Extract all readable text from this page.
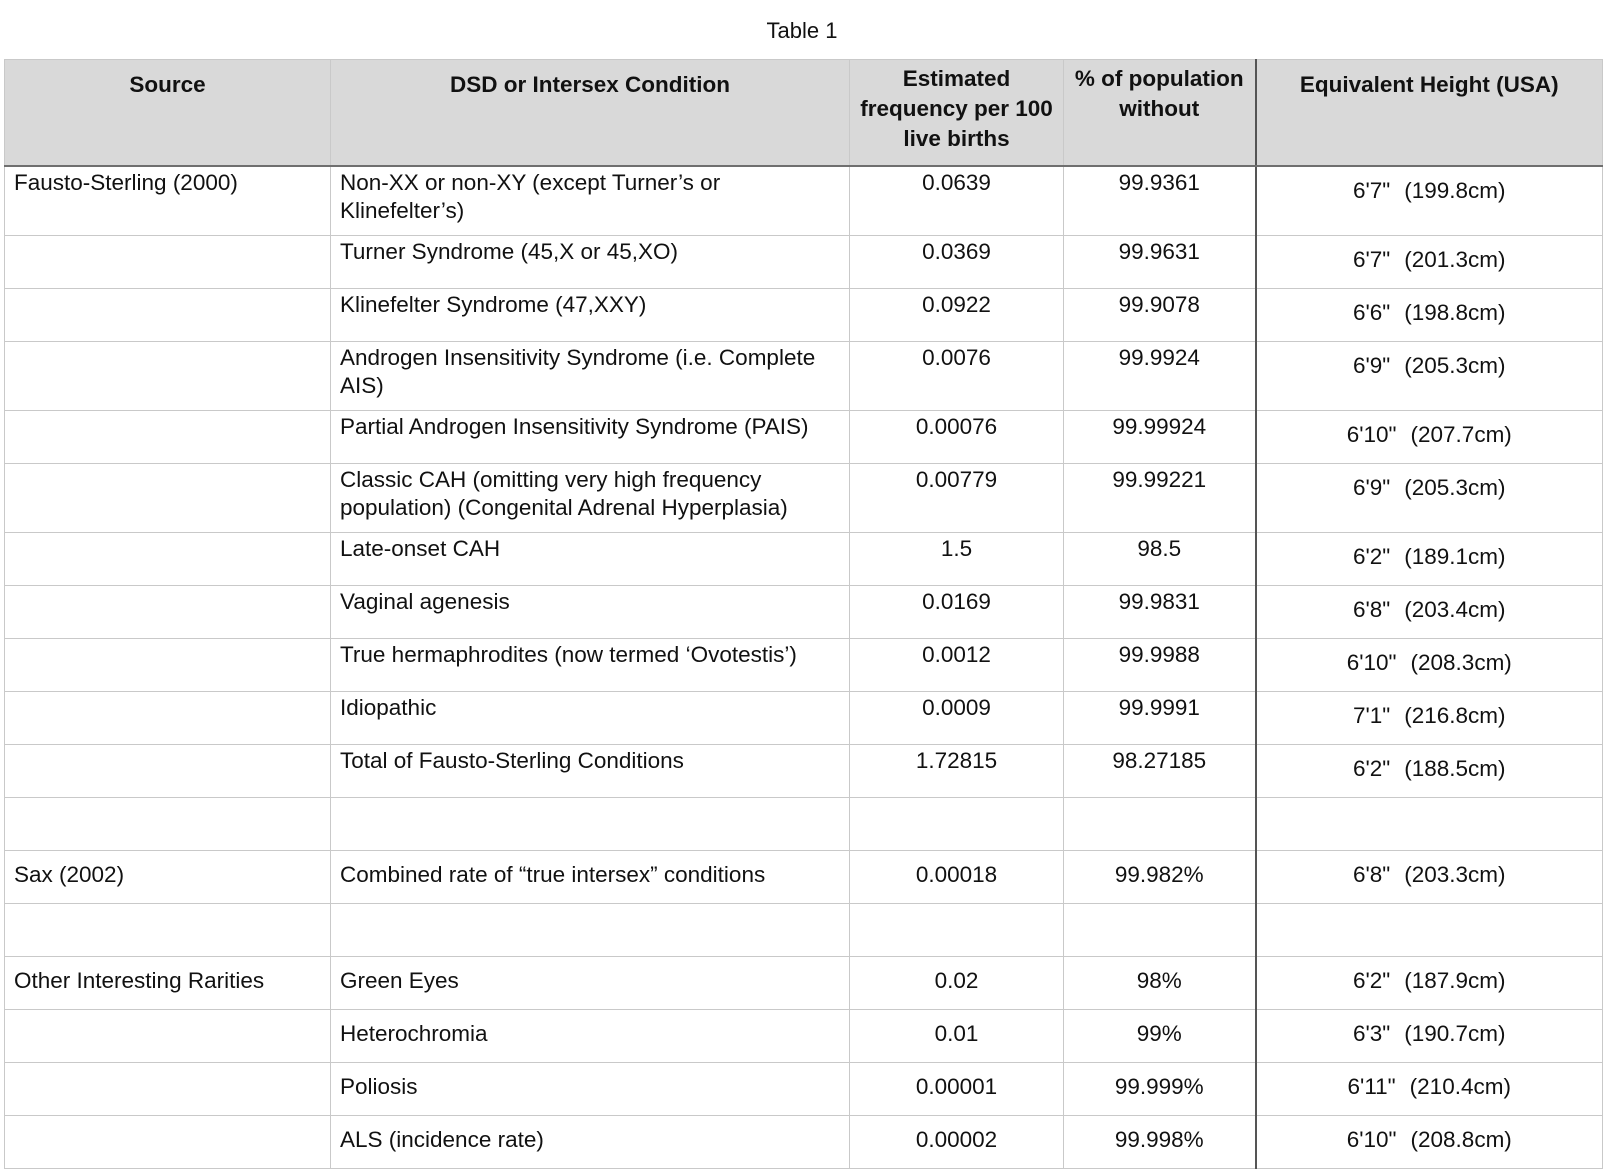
Table 1
Source	DSD or Intersex Condition	Estimated frequency per 100 live births	% of population without	Equivalent Height (USA)
Fausto-Sterling (2000)	Non-XX or non-XY (except Turner’s or Klinefelter’s)	0.0639	99.9361	6'7" (199.8cm)
	Turner Syndrome (45,X or 45,XO)	0.0369	99.9631	6'7" (201.3cm)
	Klinefelter Syndrome (47,XXY)	0.0922	99.9078	6'6" (198.8cm)
	Androgen Insensitivity Syndrome (i.e. Complete AIS)	0.0076	99.9924	6'9" (205.3cm)
	Partial Androgen Insensitivity Syndrome (PAIS)	0.00076	99.99924	6'10" (207.7cm)
	Classic CAH (omitting very high frequency population) (Congenital Adrenal Hyperplasia)	0.00779	99.99221	6'9" (205.3cm)
	Late-onset CAH	1.5	98.5	6'2" (189.1cm)
	Vaginal agenesis	0.0169	99.9831	6'8" (203.4cm)
	True hermaphrodites (now termed ‘Ovotestis’)	0.0012	99.9988	6'10" (208.3cm)
	Idiopathic	0.0009	99.9991	7'1" (216.8cm)
	Total of Fausto-Sterling Conditions	1.72815	98.27185	6'2" (188.5cm)

Sax (2002)	Combined rate of “true intersex” conditions	0.00018	99.982%	6'8" (203.3cm)

Other Interesting Rarities	Green Eyes	0.02	98%	6'2" (187.9cm)
	Heterochromia	0.01	99%	6'3" (190.7cm)
	Poliosis	0.00001	99.999%	6'11" (210.4cm)
	ALS (incidence rate)	0.00002	99.998%	6'10" (208.8cm)
